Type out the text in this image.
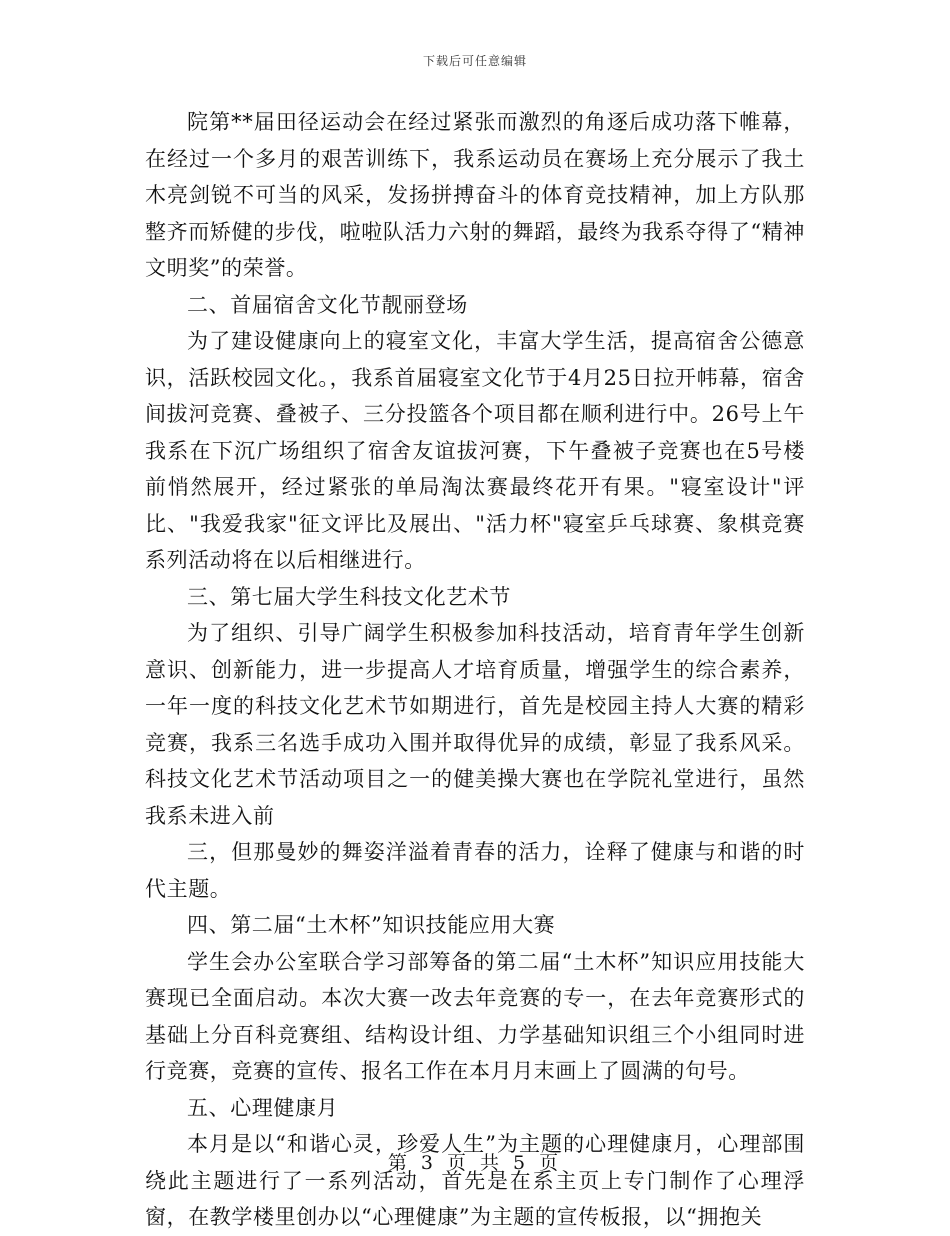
下载后可任意编辑

院第**届田径运动会在经过紧张而激烈的角逐后成功落下帷幕，在经过一个多月的艰苦训练下，我系运动员在赛场上充分展示了我土木亮剑锐不可当的风采，发扬拼搏奋斗的体育竞技精神，加上方队那整齐而矫健的步伐，啦啦队活力六射的舞蹈，最终为我系夺得了“精神文明奖”的荣誉。

二、首届宿舍文化节靓丽登场

为了建设健康向上的寝室文化，丰富大学生活，提高宿舍公德意识，活跃校园文化。，我系首届寝室文化节于4月25日拉开帏幕，宿舍间拔河竞赛、叠被子、三分投篮各个项目都在顺利进行中。26号上午我系在下沉广场组织了宿舍友谊拔河赛，下午叠被子竞赛也在5号楼前悄然展开，经过紧张的单局淘汰赛最终花开有果。"寝室设计"评比、"我爱我家"征文评比及展出、"活力杯"寝室乒乓球赛、象棋竞赛系列活动将在以后相继进行。

三、第七届大学生科技文化艺术节

为了组织、引导广阔学生积极参加科技活动，培育青年学生创新意识、创新能力，进一步提高人才培育质量，增强学生的综合素养，一年一度的科技文化艺术节如期进行，首先是校园主持人大赛的精彩竞赛，我系三名选手成功入围并取得优异的成绩，彰显了我系风采。科技文化艺术节活动项目之一的健美操大赛也在学院礼堂进行，虽然我系未进入前

三，但那曼妙的舞姿洋溢着青春的活力，诠释了健康与和谐的时代主题。

四、第二届“土木杯”知识技能应用大赛

学生会办公室联合学习部筹备的第二届“土木杯”知识应用技能大赛现已全面启动。本次大赛一改去年竞赛的专一，在去年竞赛形式的基础上分百科竞赛组、结构设计组、力学基础知识组三个小组同时进行竞赛，竞赛的宣传、报名工作在本月月末画上了圆满的句号。

五、心理健康月

本月是以“和谐心灵，珍爱人生”为主题的心理健康月，心理部围绕此主题进行了一系列活动，首先是在系主页上专门制作了心理浮窗，在教学楼里创办以“心理健康”为主题的宣传板报，以“拥抱关

第 3 页 共 5 页
